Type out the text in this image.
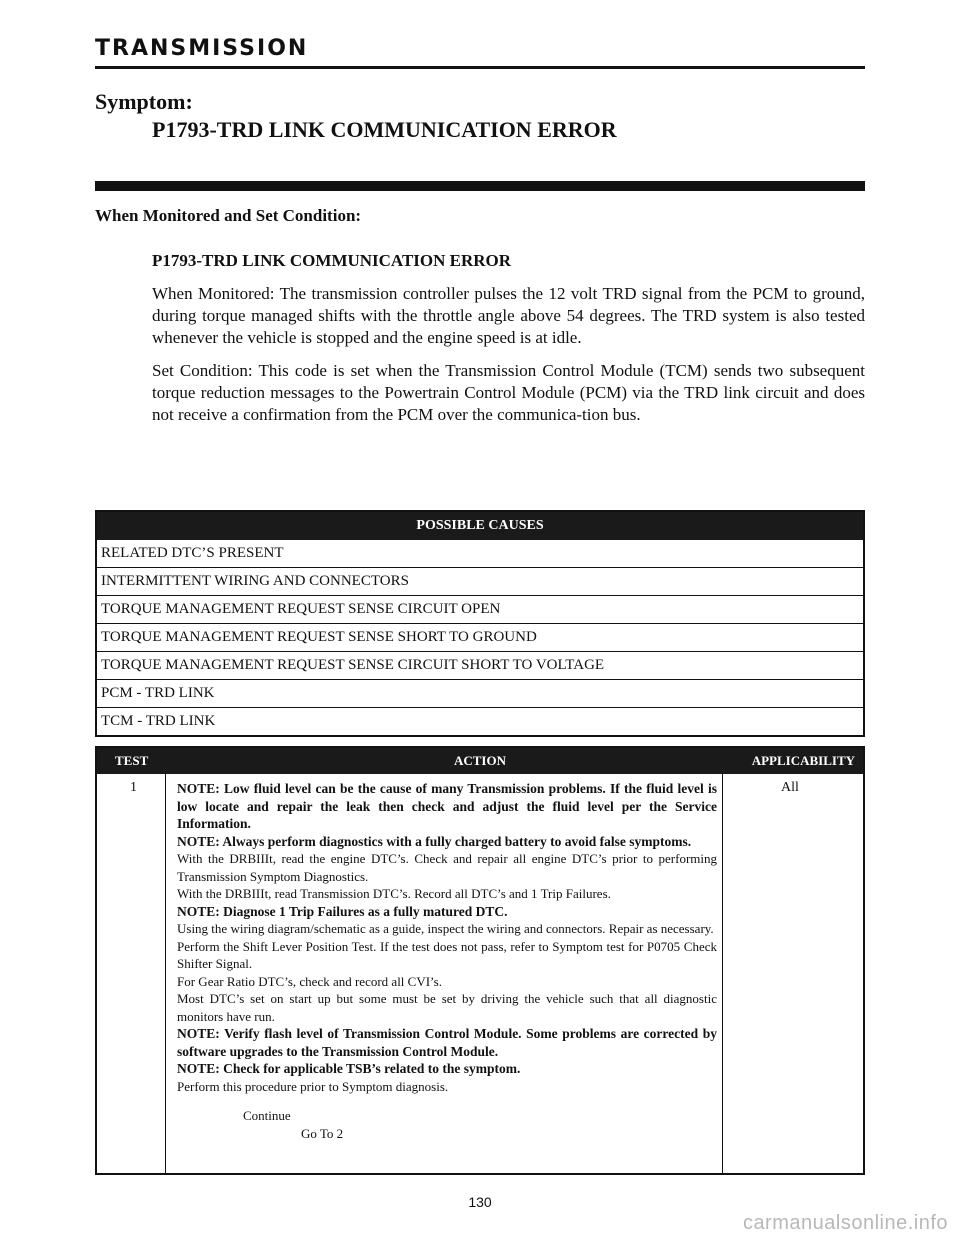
TRANSMISSION
Symptom:
P1793-TRD LINK COMMUNICATION ERROR
When Monitored and Set Condition:

P1793-TRD LINK COMMUNICATION ERROR

When Monitored: The transmission controller pulses the 12 volt TRD signal from the PCM to ground, during torque managed shifts with the throttle angle above 54 degrees. The TRD system is also tested whenever the vehicle is stopped and the engine speed is at idle.

Set Condition: This code is set when the Transmission Control Module (TCM) sends two subsequent torque reduction messages to the Powertrain Control Module (PCM) via the TRD link circuit and does not receive a confirmation from the PCM over the communica-tion bus.

POSSIBLE CAUSES
RELATED DTC’S PRESENT
INTERMITTENT WIRING AND CONNECTORS
TORQUE MANAGEMENT REQUEST SENSE CIRCUIT OPEN
TORQUE MANAGEMENT REQUEST SENSE SHORT TO GROUND
TORQUE MANAGEMENT REQUEST SENSE CIRCUIT SHORT TO VOLTAGE
PCM - TRD LINK
TCM - TRD LINK
ACTION
TEST	APPLICABILITY
1	NOTE: Low fluid level can be the cause of many Transmission problems. If the fluid level is low locate and repair the leak then check and adjust the fluid level per the Service Information.
NOTE: Always perform diagnostics with a fully charged battery to avoid false symptoms.
With the DRBIIIt, read the engine DTC’s. Check and repair all engine DTC’s prior to performing Transmission Symptom Diagnostics.
With the DRBIIIt, read Transmission DTC’s. Record all DTC’s and 1 Trip Failures.
NOTE: Diagnose 1 Trip Failures as a fully matured DTC.
Using the wiring diagram/schematic as a guide, inspect the wiring and connectors. Repair as necessary.
Perform the Shift Lever Position Test. If the test does not pass, refer to Symptom test for P0705 Check Shifter Signal.
For Gear Ratio DTC’s, check and record all CVI’s.
Most DTC’s set on start up but some must be set by driving the vehicle such that all diagnostic monitors have run.
NOTE: Verify flash level of Transmission Control Module. Some problems are corrected by software upgrades to the Transmission Control Module.
NOTE: Check for applicable TSB’s related to the symptom.
Perform this procedure prior to Symptom diagnosis.
Continue
Go To 2
All
130
carmanualsonline.info
